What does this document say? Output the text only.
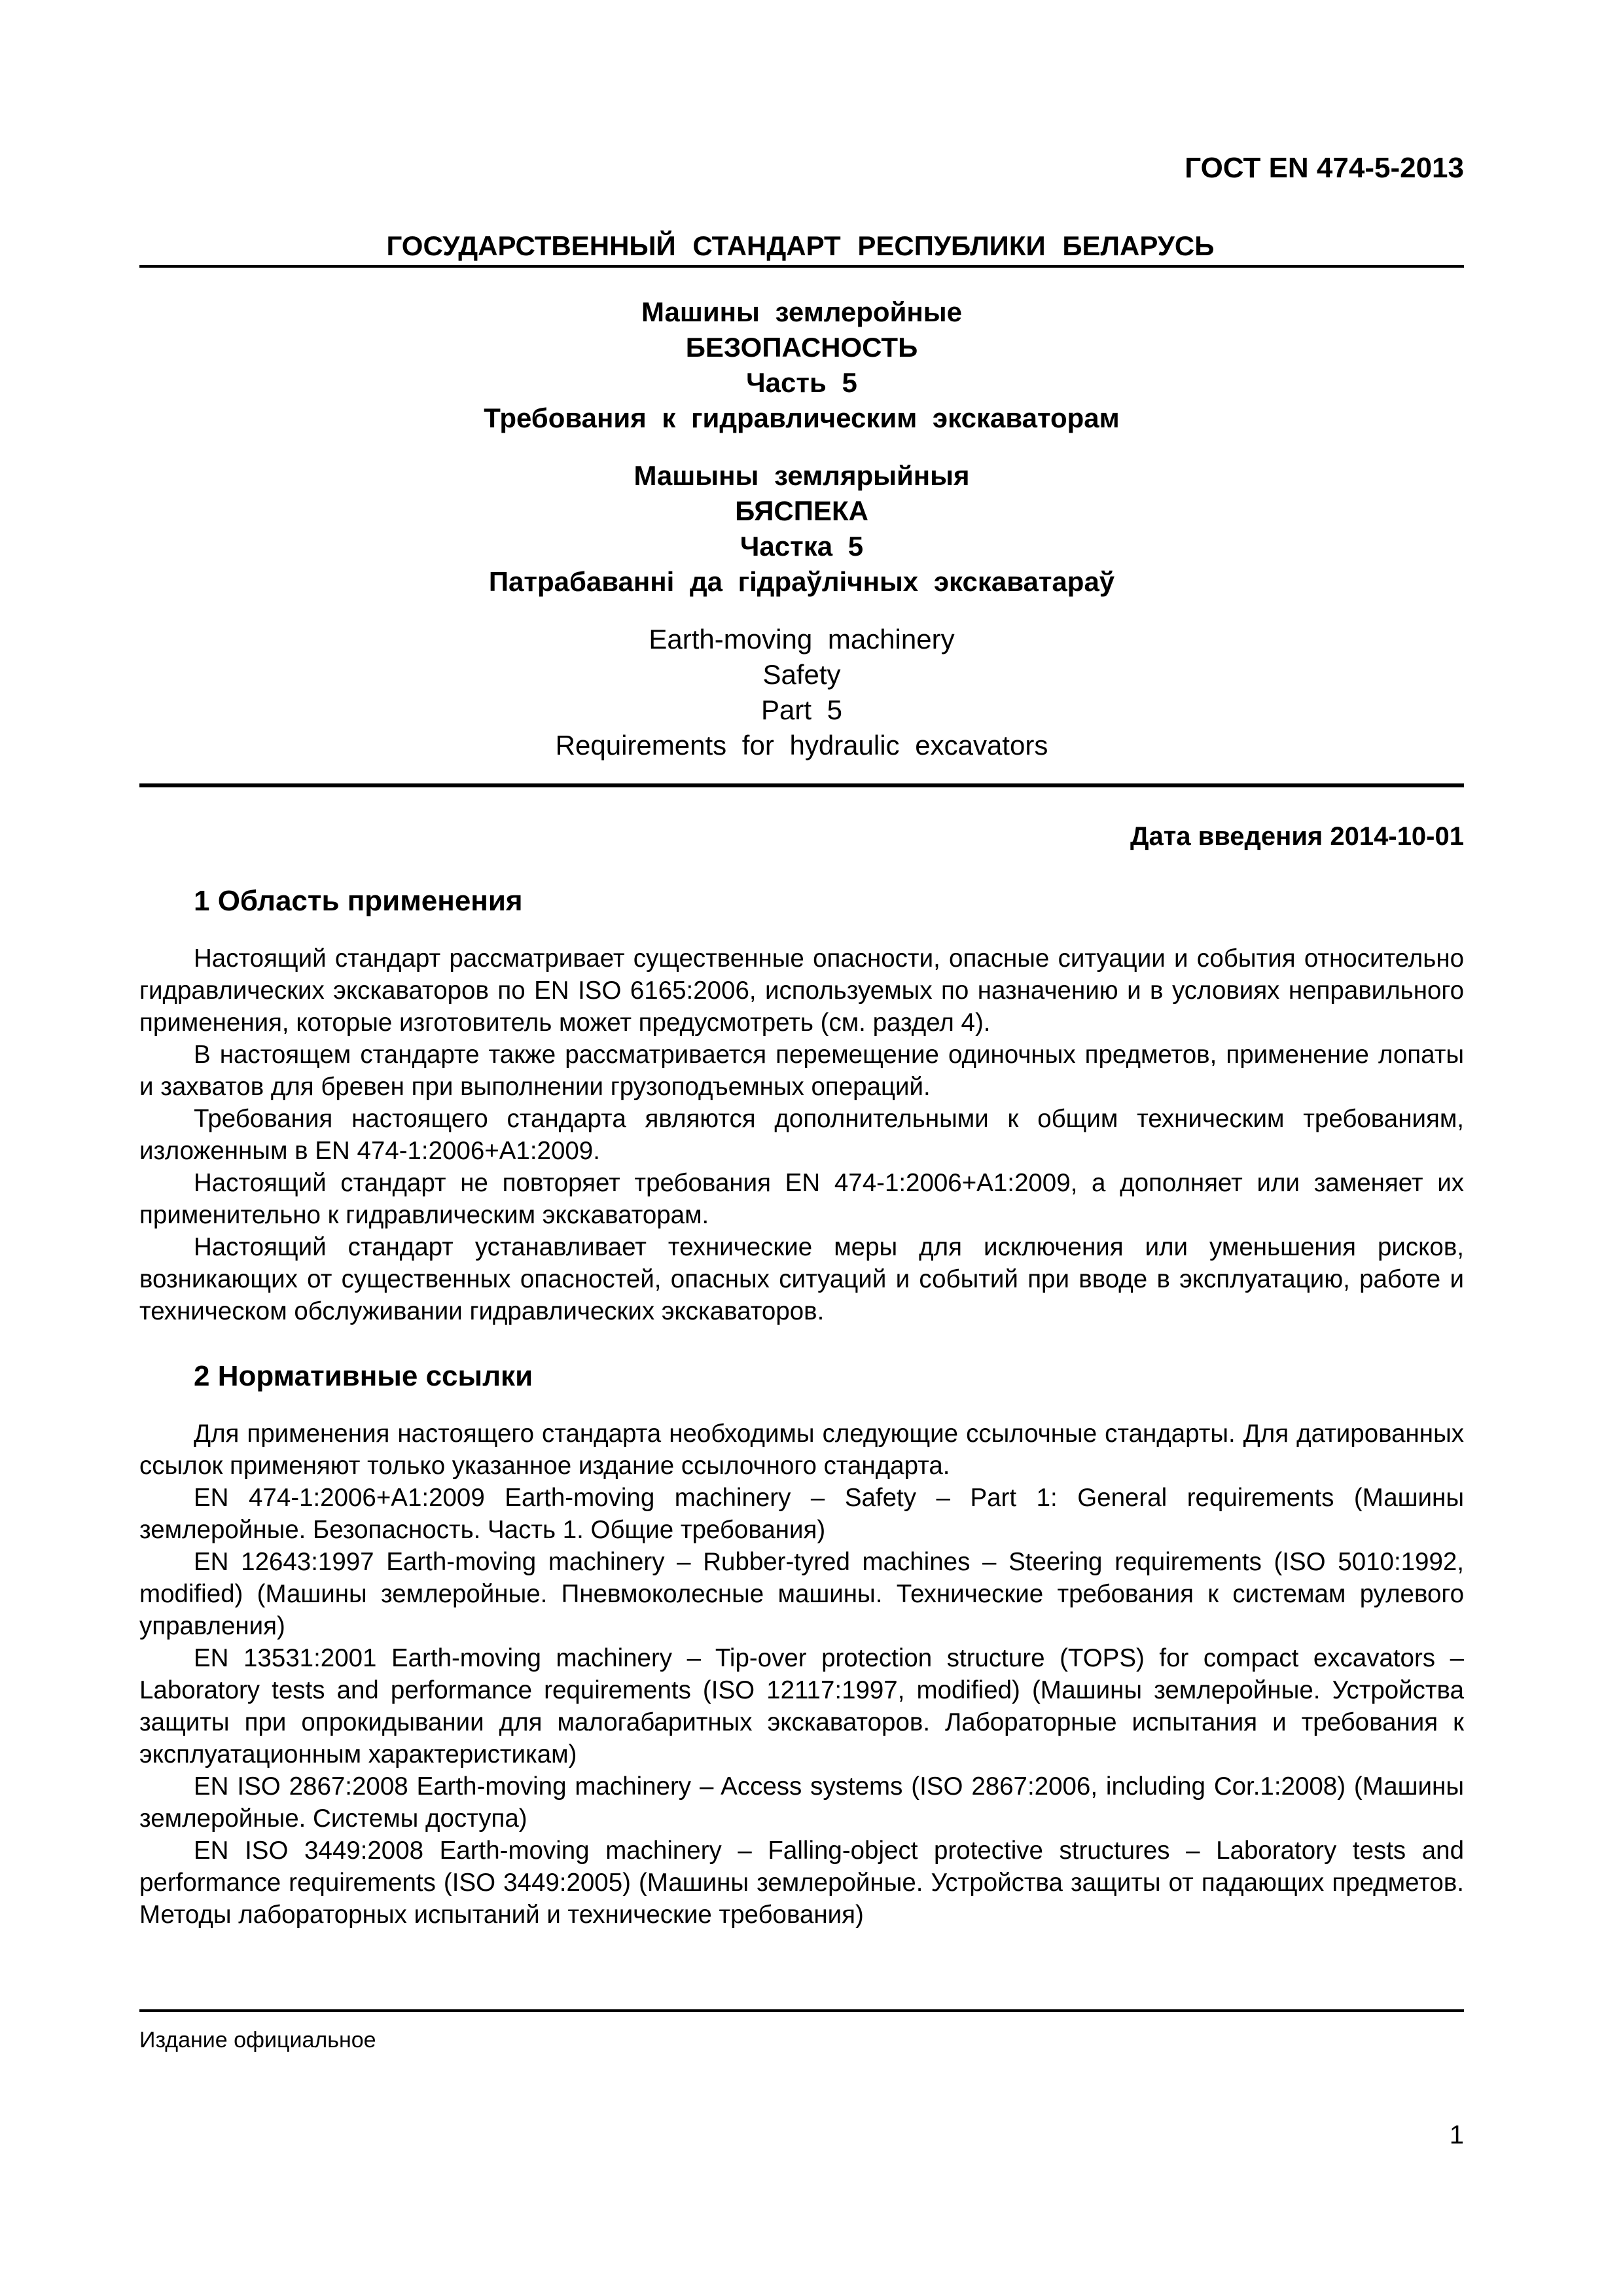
ГОСТ EN 474-5-2013
ГОСУДАРСТВЕННЫЙ СТАНДАРТ РЕСПУБЛИКИ БЕЛАРУСЬ
Машины землеройные
БЕЗОПАСНОСТЬ
Часть 5
Требования к гидравлическим экскаваторам
Машыны землярыйныя
БЯСПЕКА
Частка 5
Патрабаванні да гідраўлічных экскаватараў
Earth-moving machinery
Safety
Part 5
Requirements for hydraulic excavators
Дата введения 2014-10-01
1 Область применения

Настоящий стандарт рассматривает существенные опасности, опасные ситуации и события относительно гидравлических экскаваторов по EN ISO 6165:2006, используемых по назначению и в условиях неправильного применения, которые изготовитель может предусмотреть (см. раздел 4).

В настоящем стандарте также рассматривается перемещение одиночных предметов, применение лопаты и захватов для бревен при выполнении грузоподъемных операций.

Требования настоящего стандарта являются дополнительными к общим техническим требованиям, изложенным в EN 474-1:2006+A1:2009.

Настоящий стандарт не повторяет требования EN 474-1:2006+A1:2009, а дополняет или заменяет их применительно к гидравлическим экскаваторам.

Настоящий стандарт устанавливает технические меры для исключения или уменьшения рисков, возникающих от существенных опасностей, опасных ситуаций и событий при вводе в эксплуатацию, работе и техническом обслуживании гидравлических экскаваторов.

2 Нормативные ссылки

Для применения настоящего стандарта необходимы следующие ссылочные стандарты. Для датированных ссылок применяют только указанное издание ссылочного стандарта.

EN 474-1:2006+A1:2009 Earth-moving machinery – Safety – Part 1: General requirements (Машины землеройные. Безопасность. Часть 1. Общие требования)

EN 12643:1997 Earth-moving machinery – Rubber-tyred machines – Steering requirements (ISO 5010:1992, modified) (Машины землеройные. Пневмоколесные машины. Технические требования к системам рулевого управления)

EN 13531:2001 Earth-moving machinery – Tip-over protection structure (TOPS) for compact excavators – Laboratory tests and performance requirements (ISO 12117:1997, modified) (Машины землеройные. Устройства защиты при опрокидывании для малогабаритных экскаваторов. Лабораторные испытания и требования к эксплуатационным характеристикам)

EN ISO 2867:2008 Earth-moving machinery – Access systems (ISO 2867:2006, including Cor.1:2008) (Машины землеройные. Системы доступа)

EN ISO 3449:2008 Earth-moving machinery – Falling-object protective structures – Laboratory tests and performance requirements (ISO 3449:2005) (Машины землеройные. Устройства защиты от падающих предметов. Методы лабораторных испытаний и технические требования)

Издание официальное
1
